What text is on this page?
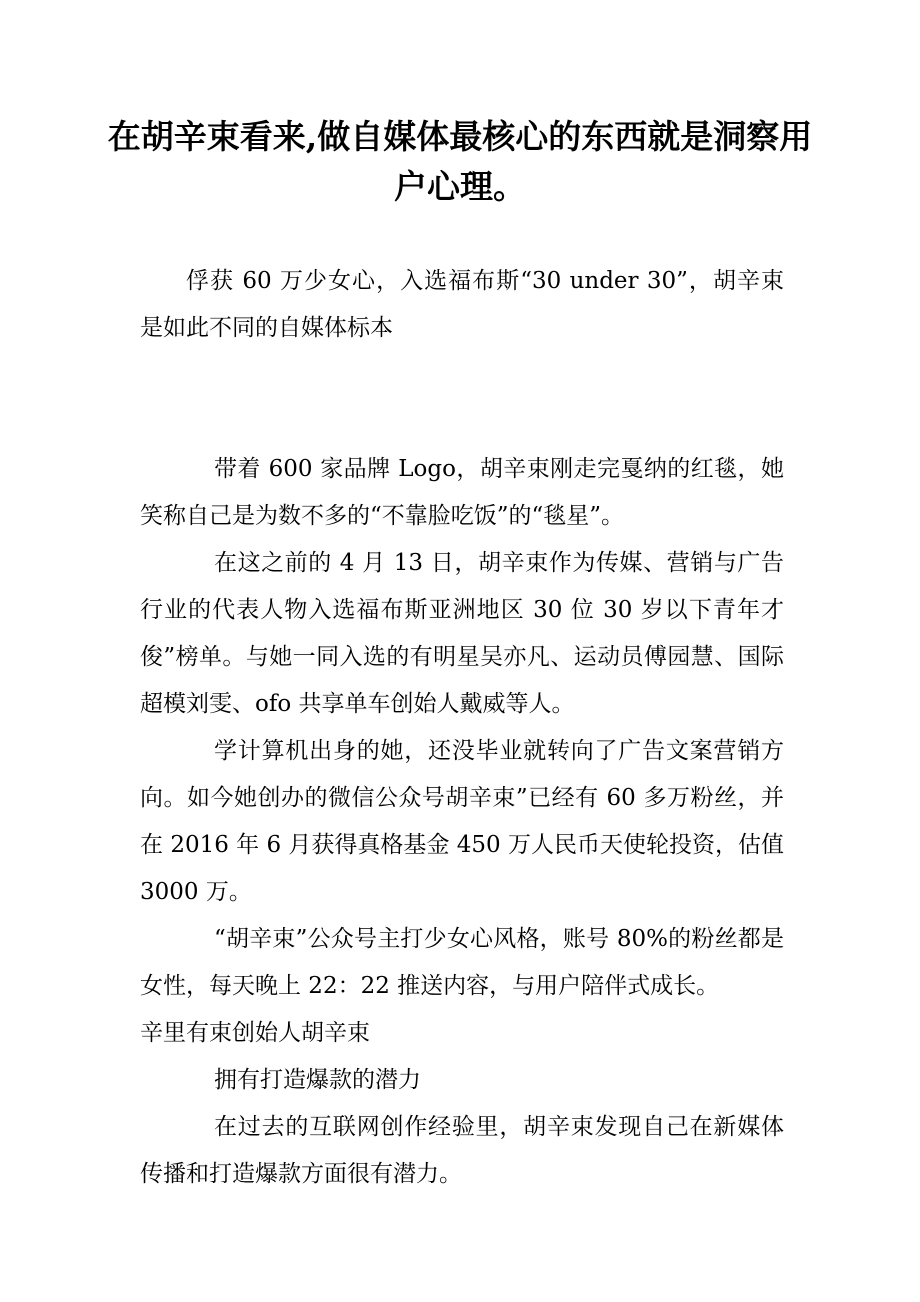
在胡辛束看来,做自媒体最核心的东西就是洞察用户心理。

俘获 60 万少女心，入选福布斯“30 under 30”，胡辛束是如此不同的自媒体标本

带着 600 家品牌 Logo，胡辛束刚走完戛纳的红毯，她笑称自己是为数不多的“不靠脸吃饭”的“毯星”。

在这之前的 4 月 13 日，胡辛束作为传媒、营销与广告行业的代表人物入选福布斯亚洲地区 30 位 30 岁以下青年才俊”榜单。与她一同入选的有明星吴亦凡、运动员傅园慧、国际超模刘雯、ofo 共享单车创始人戴威等人。

学计算机出身的她，还没毕业就转向了广告文案营销方向。如今她创办的微信公众号胡辛束”已经有 60 多万粉丝，并在 2016 年 6 月获得真格基金 450 万人民币天使轮投资，估值 3000 万。

“胡辛束”公众号主打少女心风格，账号 80%的粉丝都是女性，每天晚上 22：22 推送内容，与用户陪伴式成长。

辛里有束创始人胡辛束

拥有打造爆款的潜力

在过去的互联网创作经验里，胡辛束发现自己在新媒体传播和打造爆款方面很有潜力。
